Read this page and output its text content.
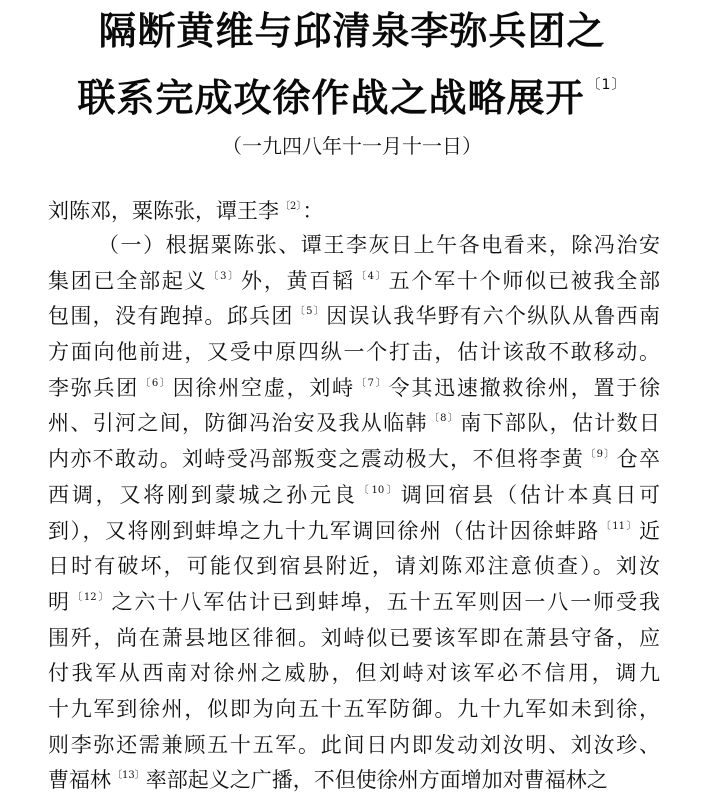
隔断黄维与邱清泉李弥兵团之
联系完成攻徐作战之战略展开 $^{〔1〕}$
（一九四八年十一月十一日）
刘陈邓，粟陈张，谭王李$^{〔2〕}$：
（一）根据粟陈张、谭王李灰日上午各电看来，除冯治安
集团已全部起义$^{〔3〕}$外，黄百韬$^{〔4〕}$五个军十个师似已被我全部
包围，没有跑掉。邱兵团$^{〔5〕}$因误认我华野有六个纵队从鲁西南
方面向他前进，又受中原四纵一个打击，估计该敌不敢移动。
李弥兵团$^{〔6〕}$因徐州空虚，刘峙$^{〔7〕}$令其迅速撤救徐州，置于徐
州、引河之间，防御冯治安及我从临韩$^{〔8〕}$南下部队，估计数日
内亦不敢动。刘峙受冯部叛变之震动极大，不但将李黄$^{〔9〕}$仓卒
西调，又将刚到蒙城之孙元良$^{〔10〕}$调回宿县（估计本真日可
到），又将刚到蚌埠之九十九军调回徐州（估计因徐蚌路$^{〔11〕}$近
日时有破坏，可能仅到宿县附近，请刘陈邓注意侦查）。刘汝
明$^{〔12〕}$之六十八军估计已到蚌埠，五十五军则因一八一师受我
围歼，尚在萧县地区徘徊。刘峙似已要该军即在萧县守备，应
付我军从西南对徐州之威胁，但刘峙对该军必不信用，调九
十九军到徐州，似即为向五十五军防御。九十九军如未到徐，
则李弥还需兼顾五十五军。此间日内即发动刘汝明、刘汝珍、
曹福林$^{〔13〕}$率部起义之广播，不但使徐州方面增加对曹福林之
